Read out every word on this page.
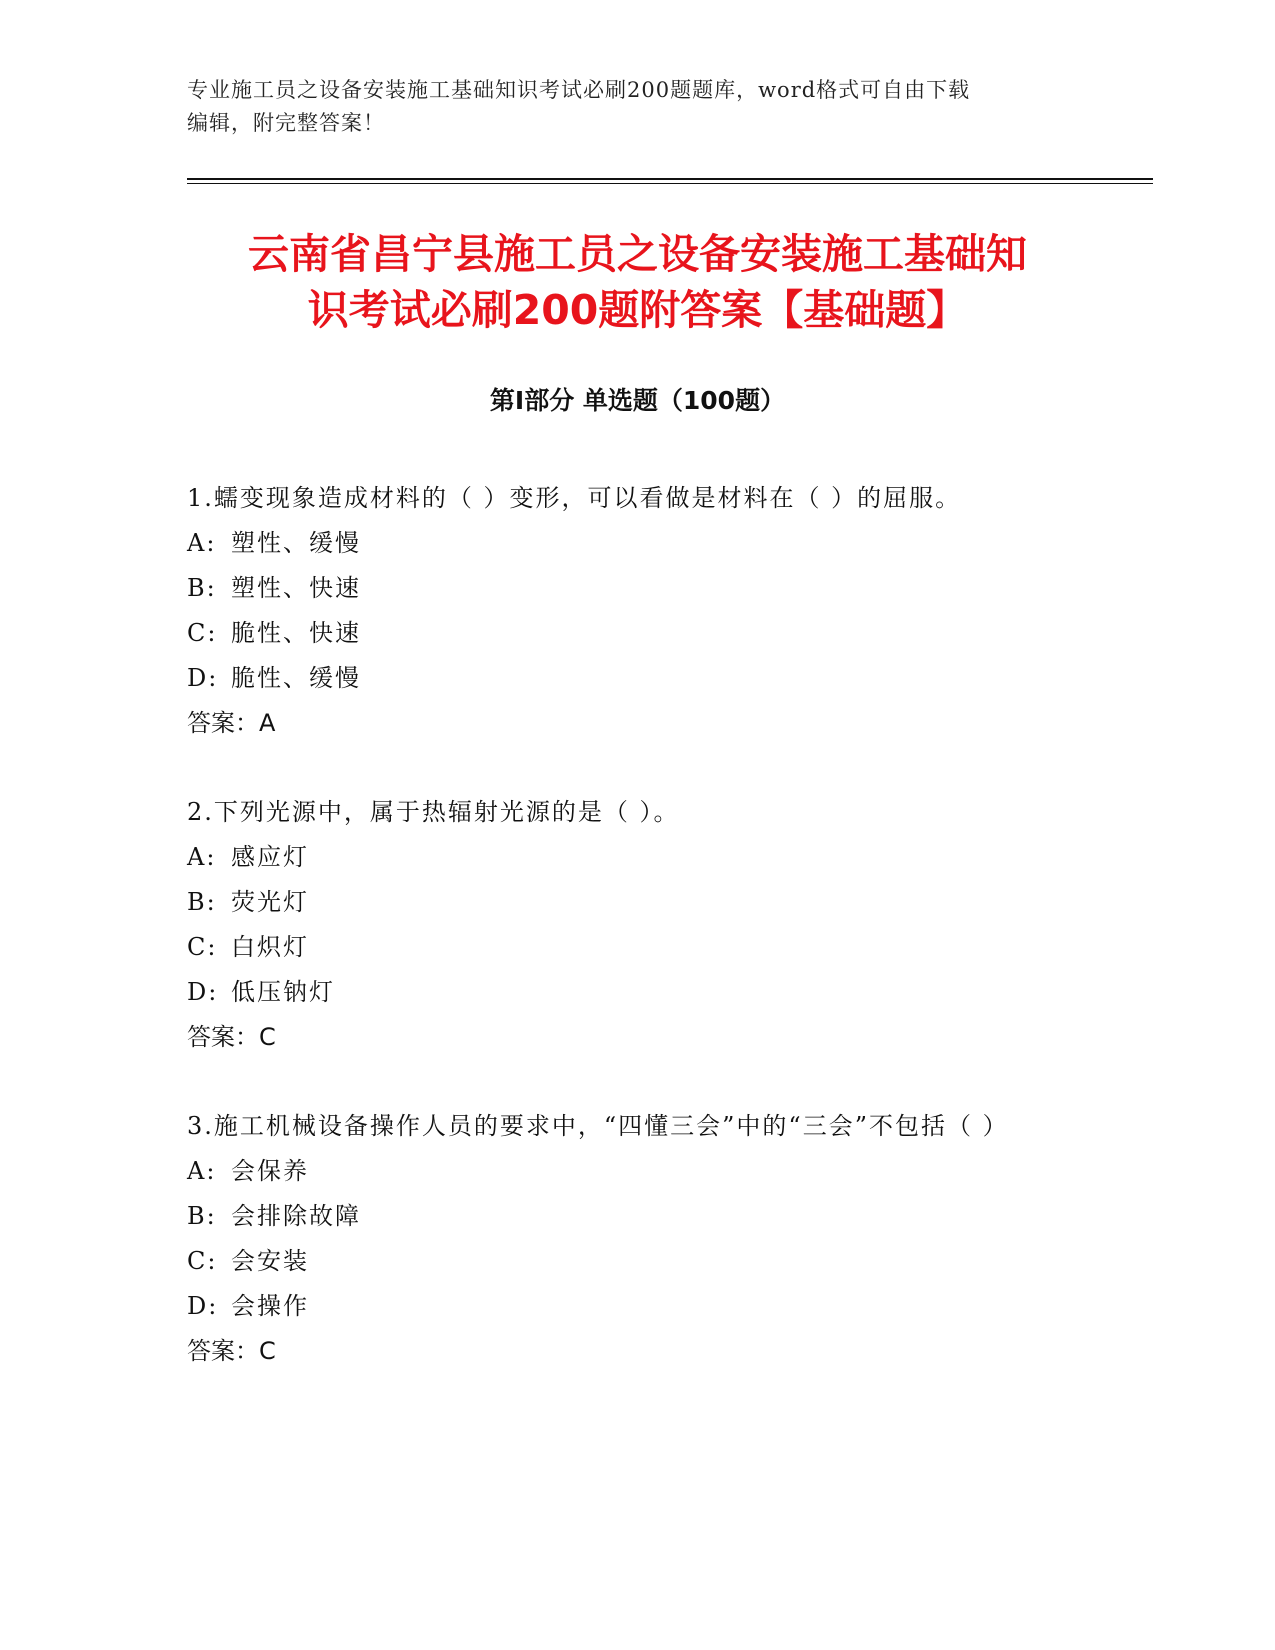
专业施工员之设备安装施工基础知识考试必刷200题题库，word格式可自由下载
编辑，附完整答案！
云南省昌宁县施工员之设备安装施工基础知
识考试必刷200题附答案【基础题】
第Ⅰ部分 单选题（100题）

1.蠕变现象造成材料的（ ）变形，可以看做是材料在（ ）的屈服。

A: 塑性、缓慢

B: 塑性、快速

C: 脆性、快速

D: 脆性、缓慢

答案：A

2.下列光源中，属于热辐射光源的是（ ）。

A: 感应灯

B: 荧光灯

C: 白炽灯

D: 低压钠灯

答案：C

3.施工机械设备操作人员的要求中，“四懂三会”中的“三会”不包括（ ）

A: 会保养

B: 会排除故障

C: 会安装

D: 会操作

答案：C
